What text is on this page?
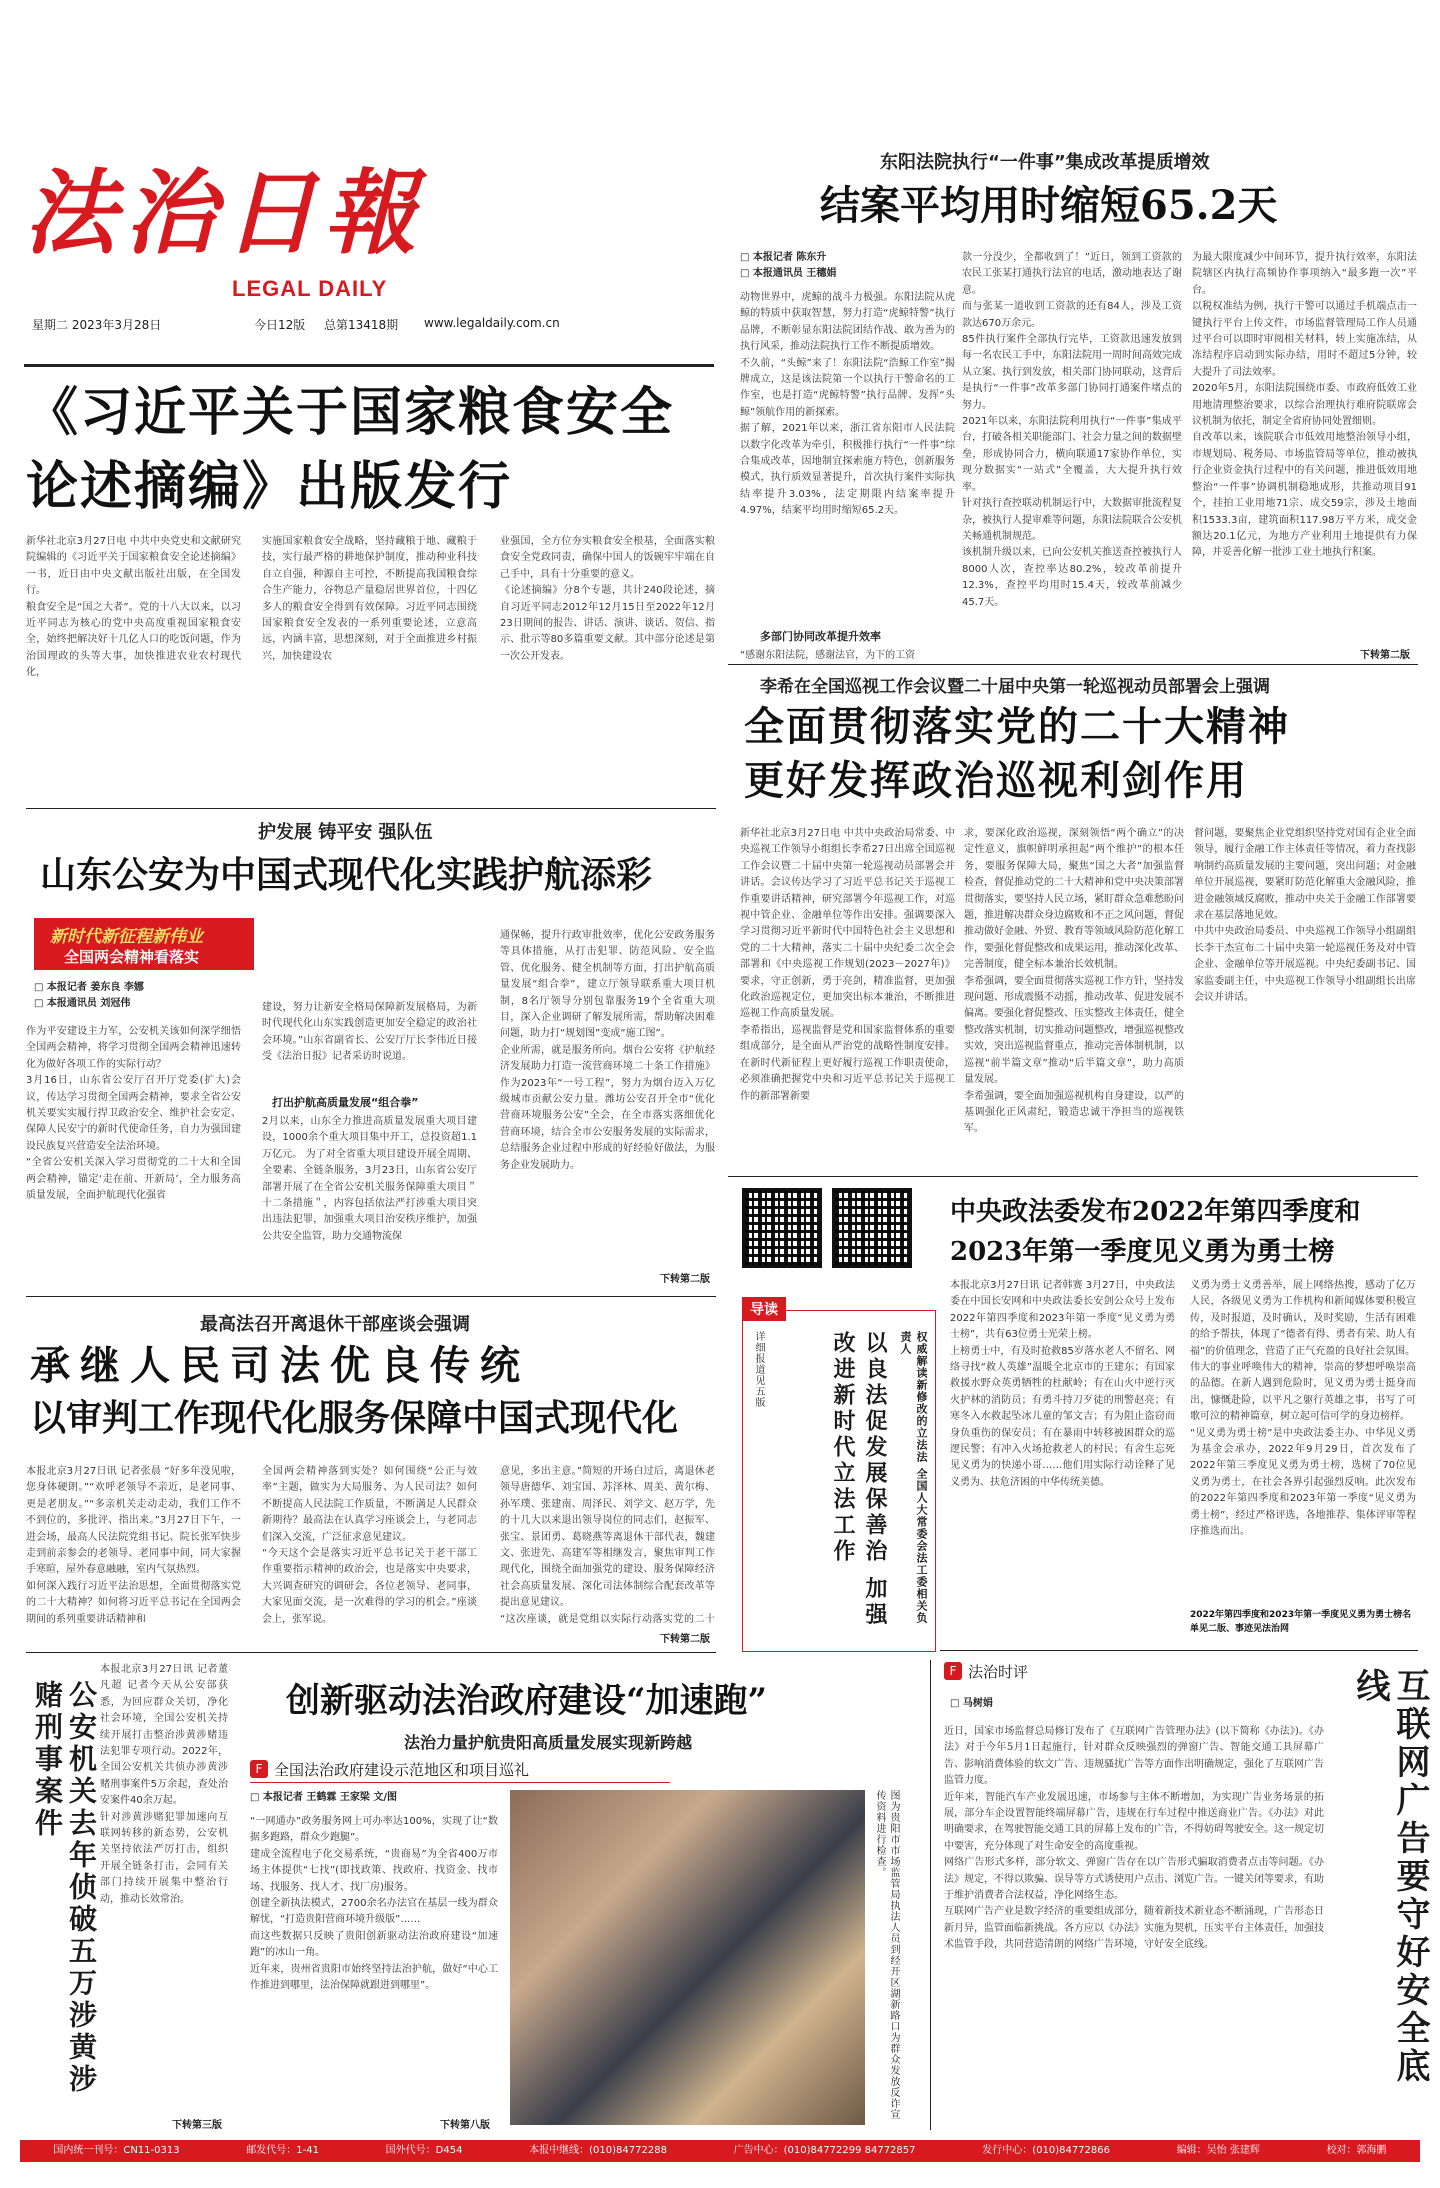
法治日報
LEGAL DAILY
星期二 2023年3月28日	今日12版 总第13418期 www.legaldaily.com.cn
东阳法院执行“一件事”集成改革提质增效
结案平均用时缩短65.2天
□ 本报记者 陈东升
□ 本报通讯员 王穗娟
动物世界中，虎鲸的战斗力极强。东阳法院从虎鲸的特质中获取智慧，努力打造“虎鲸特警”执行品牌，不断彰显东阳法院团结作战、敢为善为的执行风采，推动法院执行工作不断提质增效。
不久前，“头鲸”来了！东阳法院“浩鲸工作室”揭牌成立，这是该法院第一个以执行干警命名的工作室，也是打造“虎鲸特警”执行品牌、发挥“头鲸”领航作用的新探索。
据了解，2021年以来，浙江省东阳市人民法院以数字化改革为牵引，积极推行执行“一件事”综合集成改革，因地制宜探索施方特色，创新服务模式，执行质效显著提升，首次执行案件实际执结率提升3.03%，法定期限内结案率提升4.97%，结案平均用时缩短65.2天。
多部门协同改革提升效率
“感谢东阳法院，感谢法官，为下的工资
款一分没少，全都收到了！”近日，领到工资款的农民工张某打通执行法官的电话，激动地表达了谢意。
而与张某一道收到工资款的还有84人，涉及工资款达670万余元。
85件执行案件全部执行完毕，工资款迅速发放到每一名农民工手中，东阳法院用一周时间高效完成从立案、执行到发放，相关部门协同联动，这背后是执行“一件事”改革多部门协同打通案件堵点的努力。
2021年以来，东阳法院利用执行“一件事”集成平台，打破各相关职能部门、社会力量之间的数据壁垒，形成协同合力，横向联通17家协作单位，实现分数据实“一站式”全覆盖，大大提升执行效率。
针对执行查控联动机制运行中，大数据审批流程复杂，被执行人提审难等问题，东阳法院联合公安机关畅通机制规范。
该机制升级以来，已向公安机关推送查控被执行人8000人次，查控率达80.2%，较改革前提升12.3%，查控平均用时15.4天，较改革前减少45.7天。
为最大限度减少中间环节，提升执行效率，东阳法院辖区内执行高频协作事项纳入“最多跑一次”平台。
以税权准结为例，执行干警可以通过手机端点击一键执行平台上传文件，市场监督管理局工作人员通过平台可以即时审阅相关材料，转上实施冻结，从冻结程序启动到实际办结，用时不超过5分钟，较大提升了司法效率。
2020年5月，东阳法院围绕市委、市政府低效工业用地清理整治要求，以综合治理执行难府院联席会议机制为依托，制定全省府协同处置细则。
自改革以来，该院联合市低效用地整治领导小组，市规划局、税务局、市场监管局等单位，推动被执行企业资金执行过程中的有关问题，推进低效用地整治“一件事”协调机制稳地成形，共推动项目91个，挂拍工业用地71宗、成交59宗，涉及土地面积1533.3亩，建筑面积117.98万平方米，成交金额达20.1亿元，为地方产业利用土地提供有力保障，并妥善化解一批涉工业土地执行积案。
下转第二版
《习近平关于国家粮食安全论述摘编》出版发行
新华社北京3月27日电 中共中央党史和文献研究院编辑的《习近平关于国家粮食安全论述摘编》一书，近日由中央文献出版社出版，在全国发行。
粮食安全是“国之大者”。党的十八大以来，以习近平同志为核心的党中央高度重视国家粮食安全，始终把解决好十几亿人口的吃饭问题，作为治国理政的头等大事，加快推进农业农村现代化，
实施国家粮食安全战略，坚持藏粮于地、藏粮于技，实行最严格的耕地保护制度，推动种业科技自立自强，种源自主可控，不断提高我国粮食综合生产能力，谷物总产量稳居世界首位，十四亿多人的粮食安全得到有效保障。习近平同志围绕国家粮食安全发表的一系列重要论述，立意高远，内涵丰富，思想深刻，对于全面推进乡村振兴，加快建设农
业强国，全方位夯实粮食安全根基，全面落实粮食安全党政同责，确保中国人的饭碗牢牢端在自己手中，具有十分重要的意义。
《论述摘编》分8个专题，共计240段论述，摘自习近平同志2012年12月15日至2022年12月23日期间的报告、讲话、演讲、谈话、贺信、指示、批示等80多篇重要文献。其中部分论述是第一次公开发表。
护发展 铸平安 强队伍
山东公安为中国式现代化实践护航添彩
新时代新征程新伟业
全国两会精神看落实
□ 本报记者 姜东良 李娜
□ 本报通讯员 刘冠伟
作为平安建设主力军，公安机关该如何深学细悟全国两会精神，将学习贯彻全国两会精神迅速转化为做好各项工作的实际行动？
3月16日，山东省公安厅召开厅党委(扩大)会议，传达学习贯彻全国两会精神，要求全省公安机关要实实履行捍卫政治安全、维护社会安定、保障人民安宁的新时代使命任务，自力为强国建设民族复兴营造安全法治环境。
“全省公安机关深入学习贯彻党的二十大和全国两会精神，锚定‘走在前、开新局’，全力服务高质量发展，全面护航现代化强省
建设，努力让新安全格局保障新发展格局，为新时代现代化山东实践创造更加安全稳定的政治社会环境。”山东省副省长、公安厅厅长李伟近日接受《法治日报》记者采访时说道。
打出护航高质量发展“组合拳”
2月以来，山东全力推进高质量发展重大项目建设，1000余个重大项目集中开工，总投资超1.1万亿元。 为了对全省重大项目建设开展全周期、全要素、全链条服务，3月23日，山东省公安厅部署开展了在全省公安机关服务保障重大项目＂十二条措施＂，内容包括依法严打涉重大项目突出违法犯罪，加强重大项目治安秩序维护，加强公共安全监管，助力交通物流保
通保畅，提升行政审批效率，优化公安政务服务等具体措施，从打击犯罪、防范风险、安全监管、优化服务、健全机制等方面，打出护航高质量发展“组合拳”，建立厅领导联系重大项目机制，8名厅领导分别包靠服务19个全省重大项目，深入企业调研了解发展所需，帮助解决困难问题，助力打“规划图”变成“施工图”。
企业所需，就是服务所向。烟台公安将《护航经济发展助力打造一流营商环境二十条工作措施》作为2023年“一号工程”，努力为烟台迈入万亿级城市贡献公安力量。潍坊公安召开全市“优化营商环境服务公安”全会，在全市落实落细优化营商环境，结合全市公安服务发展的实际需求，总结服务企业过程中形成的好经验好做法，为服务企业发展助力。
下转第二版
李希在全国巡视工作会议暨二十届中央第一轮巡视动员部署会上强调
全面贯彻落实党的二十大精神
更好发挥政治巡视利剑作用
新华社北京3月27日电 中共中央政治局常委、中央巡视工作领导小组组长李希27日出席全国巡视工作会议暨二十届中央第一轮巡视动员部署会并讲话。会议传达学习了习近平总书记关于巡视工作重要讲话精神，研究部署今年巡视工作，对巡视中管企业、金融单位等作出安排。强调要深入学习贯彻习近平新时代中国特色社会主义思想和党的二十大精神，落实二十届中央纪委二次全会部署和《中央巡视工作规划(2023－2027年)》要求，守正创新，勇于亮剑，精准监督，更加强化政治巡视定位，更加突出标本兼治，不断推进巡视工作高质量发展。
李希指出，巡视监督是党和国家监督体系的重要组成部分，是全面从严治党的战略性制度安排。在新时代新征程上更好履行巡视工作职责使命，必须准确把握党中央和习近平总书记关于巡视工作的新部署新要
求，要深化政治巡视，深刻领悟“两个确立”的决定性意义，旗帜鲜明承担起“两个维护”的根本任务，要服务保障大局，聚焦“国之大者”加强监督检查，督促推动党的二十大精神和党中央决策部署贯彻落实，要坚持人民立场，紧盯群众急难愁盼问题，推进解决群众身边腐败和不正之风问题，督促推动做好金融、外贸、教育等领域风险防范化解工作，要强化督促整改和成果运用，推动深化改革、完善制度，健全标本兼治长效机制。
李希强调，要全面贯彻落实巡视工作方针，坚持发现问题、形成震慑不动摇，推动改革、促进发展不偏离。要强化督促整改、压实整改主体责任，健全整改落实机制，切实推动问题整改，增强巡视整改实效，突出巡视监督重点，推动完善体制机制，以巡视“前半篇文章”推动“后半篇文章”，助力高质量发展。
李希强调，要全面加强巡视机构自身建设，以严的基调强化正风肃纪，锻造忠诚干净担当的巡视铁军。
督问题，要聚焦企业党组织坚持党对国有企业全面领导，履行金融工作主体责任等情况，着力查找影响制约高质量发展的主要问题，突出问题；对金融单位开展巡视，要紧盯防范化解重大金融风险，推进金融领域反腐败，推动中央关于金融工作部署要求在基层落地见效。
中共中央政治局委员、中央巡视工作领导小组副组长李干杰宣布二十届中央第一轮巡视任务及对中管企业、金融单位等开展巡视。中央纪委副书记、国家监委副主任，中央巡视工作领导小组副组长出席会议并讲话。
导读
以良法促发展保善治 加强改进新时代立法工作	权威解读新修改的立法法 全国人大常委会法工委相关负责人
详细报道见五版
中央政法委发布2022年第四季度和
2023年第一季度见义勇为勇士榜
本报北京3月27日讯 记者韩赛 3月27日，中央政法委在中国长安网和中央政法委长安剑公众号上发布2022年第四季度和2023年第一季度“见义勇为勇士榜”，共有63位勇士光荣上榜。
上榜勇士中，有及时抢救85岁落水老人不留名、网络寻找“救人英雄”温暖全北京市的王建东；有国家救援水野众英勇牺牲的杜献岭；有在山火中逆行灭火护林的消防员；有勇斗持刀歹徒的刑警赵亮；有寒冬入水救起坠冰儿童的邹文吉；有为阻止盗窃而身负重伤的保安员；有在暴雨中转移被困群众的巡逻民警；有冲入火场抢救老人的村民；有舍生忘死见义勇为的快递小哥……他们用实际行动诠释了见义勇为、扶危济困的中华传统美德。
义勇为勇士义勇善举，展上网络热搜，感动了亿万人民，各级见义勇为工作机构和新闻媒体要积极宣传，及时报道，及时确认，及时奖励，生活有困难的给予帮扶，体现了“德者有得、勇者有荣、助人有福”的价值理念，营造了正气充盈的良好社会氛围。
伟大的事业呼唤伟大的精神，崇高的梦想呼唤崇高的品德。在新人遇到危险时，见义勇为勇士挺身而出，慷慨赴险，以平凡之躯行英雄之事，书写了可歌可泣的精神篇章，树立起可信可学的身边榜样。
“见义勇为勇士榜”是中央政法委主办、中华见义勇为基金会承办，2022年9月29日，首次发布了2022年第三季度见义勇为勇士榜，选树了70位见义勇为勇士，在社会各界引起强烈反响。此次发布的2022年第四季度和2023年第一季度“见义勇为勇士榜”，经过严格评选，各地推荐、集体评审等程序推选而出。
2022年第四季度和2023年第一季度见义勇为勇士榜名单见二版、事迹见法治网
最高法召开离退休干部座谈会强调
承继人民司法优良传统
以审判工作现代化服务保障中国式现代化
本报北京3月27日讯 记者张晨 “好多年没见啦，您身体硬朗。”“欢呼老领导不亲近，是老同事、更是老朋友。”“多亲机关走动走动，我们工作不不到位的，多批评、指出来。”3月27日下午，一进会场，最高人民法院党组书记、院长张军快步走到前亲参会的老领导、老同事中间，同大家握手寒暄，屋外春意融融，室内气氛热烈。
如何深入践行习近平法治思想，全面贯彻落实党的二十大精神？如何将习近平总书记在全国两会期间的系列重要讲话精神和
全国两会精神落到实处？如何围绕“公正与效率”主题，做实为大局服务、为人民司法？如何不断提高人民法院工作质量，不断满足人民群众新期待？最高法在认真学习座谈会上，与老同志们深入交流，广泛征求意见建议。
“今天这个会是落实习近平总书记关于老干部工作重要指示精神的政治会，也是落实中央要求，大兴调查研究的调研会，各位老领导、老同事，大家见面交流，是一次难得的学习的机会。”座谈会上，张军说。
意见，多出主意。”简短的开场白过后，离退休老领导唐德华、刘宝国、苏泽林、周美、黄尔梅、孙军璞、张建南、周泽民、刘学文、赵万学，先的十几大以来退出领导岗位的同志们，赵振军、张宝、景团勇、葛晓燕等离退休干部代表，魏建文、张进先、高建军等相继发言，聚焦审判工作现代化，围绕全面加强党的建设、服务保障经济社会高质量发展、深化司法体制综合配套改革等提出意见建议。
“这次座谈，就是党组以实际行动落实党的二十
下转第二版
公安机关去年侦破五万涉黄涉赌刑事案件
本报北京3月27日讯 记者董凡超 记者今天从公安部获悉，为回应群众关切，净化社会环境，全国公安机关持续开展打击整治涉黄涉赌违法犯罪专项行动。2022年，全国公安机关共侦办涉黄涉赌刑事案件5万余起，查处治安案件40余万起。
针对涉黄涉赌犯罪加速向互联网转移的新态势，公安机关坚持依法严厉打击，组织开展全链条打击，会同有关部门持续开展集中整治行动，推动长效常治。
下转第三版
创新驱动法治政府建设“加速跑”
法治力量护航贵阳高质量发展实现新跨越
F 全国法治政府建设示范地区和项目巡礼
□ 本报记者 王鹤霖 王家梁 文/图
“一网通办”政务服务网上可办率达100%，实现了让“数据多跑路，群众少跑腿”。
建成全流程电子化交易系统，“贵商易”为全省400万市场主体提供“七找”(即找政策、找政府、找资金、找市场、找服务、找人才、找厂房)服务。
创建全新执法模式，2700余名办法官在基层一线为群众解忧，“打造贵阳营商环境升级版”……
而这些数据只反映了贵阳创新驱动法治政府建设“加速跑”的冰山一角。
近年来，贵州省贵阳市始终坚持法治护航，做好“中心工作推进到哪里，法治保障就跟进到哪里”。
下转第八版
图为贵阳市市场监管局执法人员到经开区湖新路口为群众发放反诈宣传资料进行检查。
F 法治时评
□ 马树娟
近日，国家市场监督总局修订发布了《互联网广告管理办法》(以下简称《办法》)。《办法》对于今年5月1日起施行，针对群众反映强烈的弹窗广告、智能交通工具屏幕广告、影响消费体验的软文广告、违规骚扰广告等方面作出明确规定，强化了互联网广告监管力度。
近年来，智能汽车产业发展迅速，市场参与主体不断增加，为实现广告业务场景的拓展，部分车企设置智能终端屏幕广告，违规在行车过程中推送商业广告。《办法》对此明确要求，在驾驶智能交通工具的屏幕上发布的广告，不得妨碍驾驶安全。这一规定切中要害，充分体现了对生命安全的高度重视。
网络广告形式多样，部分软文、弹窗广告存在以广告形式骗取消费者点击等问题。《办法》规定，不得以欺骗、误导等方式诱使用户点击、浏览广告。一键关闭等要求，有助于维护消费者合法权益，净化网络生态。
互联网广告产业是数字经济的重要组成部分，随着新技术新业态不断涌现，广告形态日新月异，监管面临新挑战。各方应以《办法》实施为契机，压实平台主体责任，加强技术监管手段，共同营造清朗的网络广告环境，守好安全底线。	互联网广告要守好安全底线
国内统一刊号：CN11-0313	邮发代号：1-41	国外代号：D454	本报中继线：(010)84772288	广告中心：(010)84772299 84772857	发行中心：(010)84772866	编辑：吴怡 张建辉	校对：郭海鹏
